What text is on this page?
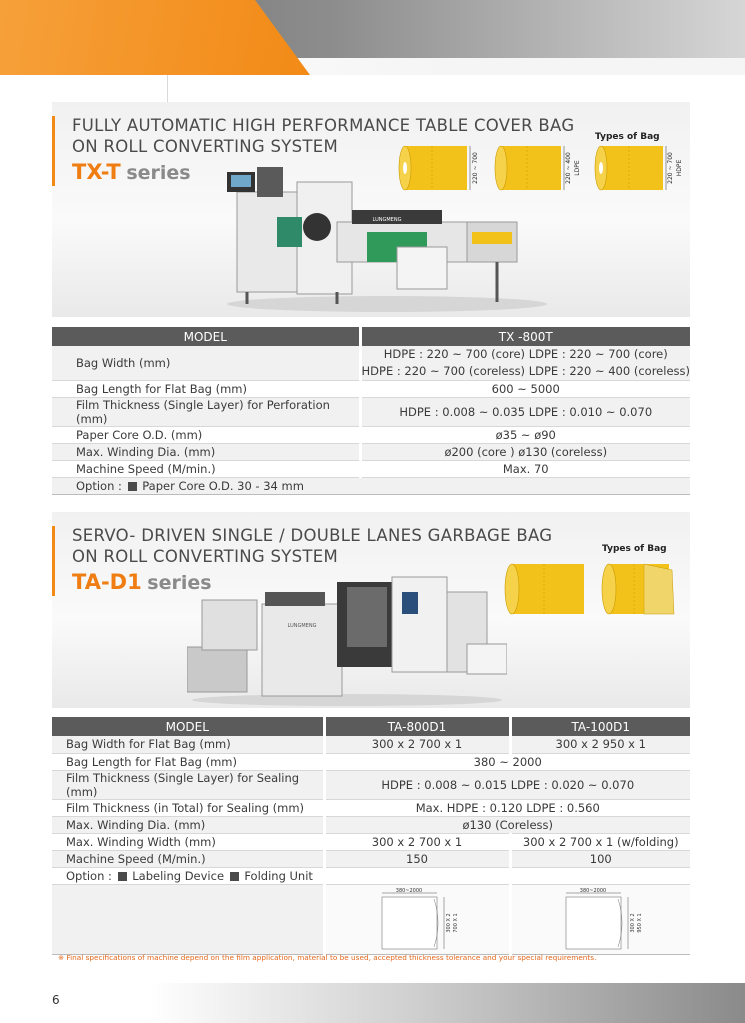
FULLY AUTOMATIC HIGH PERFORMANCE TABLE COVER BAG
ON ROLL CONVERTING SYSTEM
TX-T series
Types of Bag
220 ~ 700	220 ~ 400 LDPE	220 ~ 700 HDPE
LUNGMENG
MODEL	TX -800T
Bag Width (mm)	HDPE : 220 ~ 700 (core) LDPE : 220 ~ 700 (core)
HDPE : 220 ~ 700 (coreless) LDPE : 220 ~ 400 (coreless)

Bag Length for Flat Bag (mm)	600 ~ 5000
Film Thickness (Single Layer) for Perforation (mm)	HDPE : 0.008 ~ 0.035 LDPE : 0.010 ~ 0.070
Paper Core O.D. (mm)	ø35 ~ ø90
Max. Winding Dia. (mm)	ø200 (core ) ø130 (coreless)
Machine Speed (M/min.)	Max. 70
Option : Paper Core O.D. 30 - 34 mm	
SERVO- DRIVEN SINGLE / DOUBLE LANES GARBAGE BAG
ON ROLL CONVERTING SYSTEM
TA-D1 series
Types of Bag
LUNGMENG
MODEL	TA-800D1	TA-100D1
Bag Width for Flat Bag (mm)	300 x 2 700 x 1	300 x 2 950 x 1
Bag Length for Flat Bag (mm)	380 ~ 2000	
Film Thickness (Single Layer) for Sealing (mm)	HDPE : 0.008 ~ 0.015 LDPE : 0.020 ~ 0.070	
Film Thickness (in Total) for Sealing (mm)	Max. HDPE : 0.120 LDPE : 0.560	
Max. Winding Dia. (mm)	ø130 (Coreless)	
Max. Winding Width (mm)	300 x 2 700 x 1	300 x 2 700 x 1 (w/folding)
Machine Speed (M/min.)	150	100
Option : Labeling Device Folding Unit		

380~2000
300 X 2 700 X 1	380~2000
300 X 2 950 X 1
※ Final specifications of machine depend on the film application, material to be used, accepted thickness tolerance and your special requirements.
6
